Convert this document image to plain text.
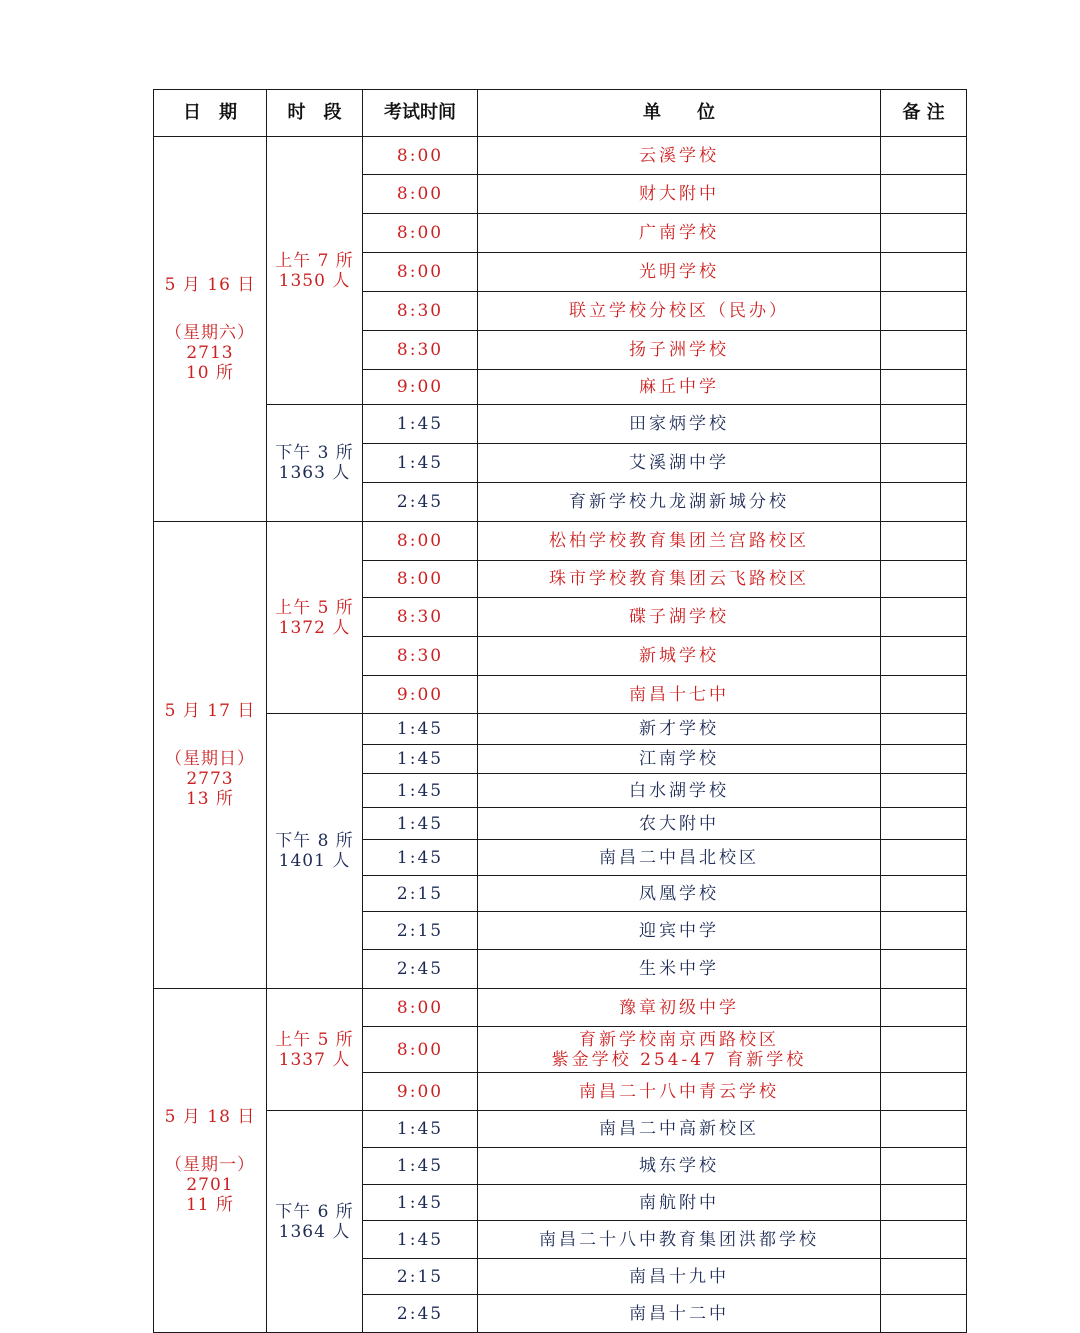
日　期	时　段	考试时间	单　　位	备 注

5 月 16 日
（星期六）
2713
10 所	上午 7 所
1350 人	8:00	云溪学校	
		8:00	财大附中	
		8:00	广南学校	
		8:00	光明学校	
		8:30	联立学校分校区（民办）	
		8:30	扬子洲学校	
		9:00	麻丘中学	

	下午 3 所
1363 人	1:45	田家炳学校	
		1:45	艾溪湖中学	
		2:45	育新学校九龙湖新城分校	

5 月 17 日
（星期日）
2773
13 所	上午 5 所
1372 人	8:00	松柏学校教育集团兰宫路校区	
		8:00	珠市学校教育集团云飞路校区	
		8:30	碟子湖学校	
		8:30	新城学校	
		9:00	南昌十七中	

	下午 8 所
1401 人	1:45	新才学校	
		1:45	江南学校	
		1:45	白水湖学校	
		1:45	农大附中	
		1:45	南昌二中昌北校区	
		2:15	凤凰学校	
		2:15	迎宾中学	
		2:45	生米中学	

5 月 18 日
（星期一）
2701
11 所	上午 5 所
1337 人	8:00	豫章初级中学	
		8:00	育新学校南京西路校区
紫金学校 254-47 育新学校	

		9:00	南昌二十八中青云学校	

	下午 6 所
1364 人	1:45	南昌二中高新校区	
		1:45	城东学校	
		1:45	南航附中	
		1:45	南昌二十八中教育集团洪都学校	
		2:15	南昌十九中	
		2:45	南昌十二中	
